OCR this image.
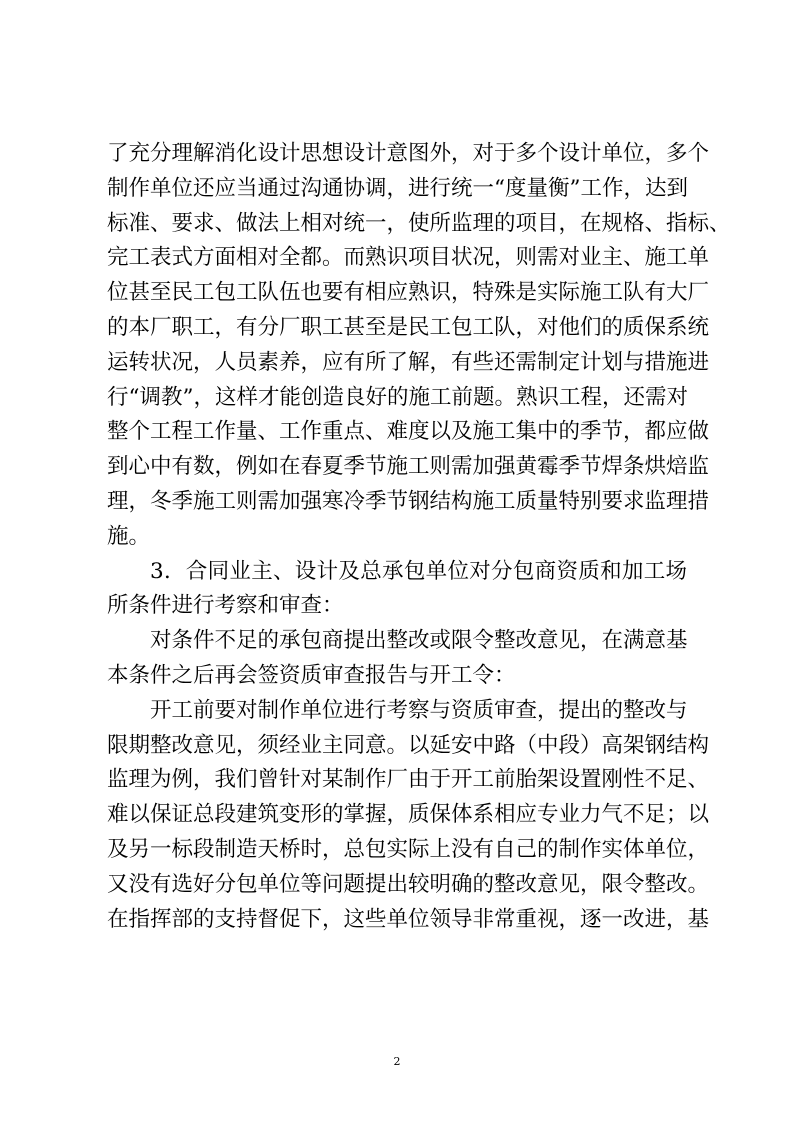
了充分理解消化设计思想设计意图外，对于多个设计单位，多个
制作单位还应当通过沟通协调，进行统一“度量衡”工作，达到
标准、要求、做法上相对统一，使所监理的项目，在规格、指标、
完工表式方面相对全都。而熟识项目状况，则需对业主、施工单
位甚至民工包工队伍也要有相应熟识，特殊是实际施工队有大厂
的本厂职工，有分厂职工甚至是民工包工队，对他们的质保系统
运转状况，人员素养，应有所了解，有些还需制定计划与措施进
行“调教”，这样才能创造良好的施工前题。熟识工程，还需对
整个工程工作量、工作重点、难度以及施工集中的季节，都应做
到心中有数，例如在春夏季节施工则需加强黄霉季节焊条烘焙监
理，冬季施工则需加强寒冷季节钢结构施工质量特别要求监理措
施。
3．合同业主、设计及总承包单位对分包商资质和加工场
所条件进行考察和审查：
对条件不足的承包商提出整改或限令整改意见，在满意基
本条件之后再会签资质审查报告与开工令：
开工前要对制作单位进行考察与资质审查，提出的整改与
限期整改意见，须经业主同意。以延安中路（中段）高架钢结构
监理为例，我们曾针对某制作厂由于开工前胎架设置刚性不足、
难以保证总段建筑变形的掌握，质保体系相应专业力气不足；以
及另一标段制造天桥时，总包实际上没有自己的制作实体单位，
又没有选好分包单位等问题提出较明确的整改意见，限令整改。
在指挥部的支持督促下，这些单位领导非常重视，逐一改进，基
2
